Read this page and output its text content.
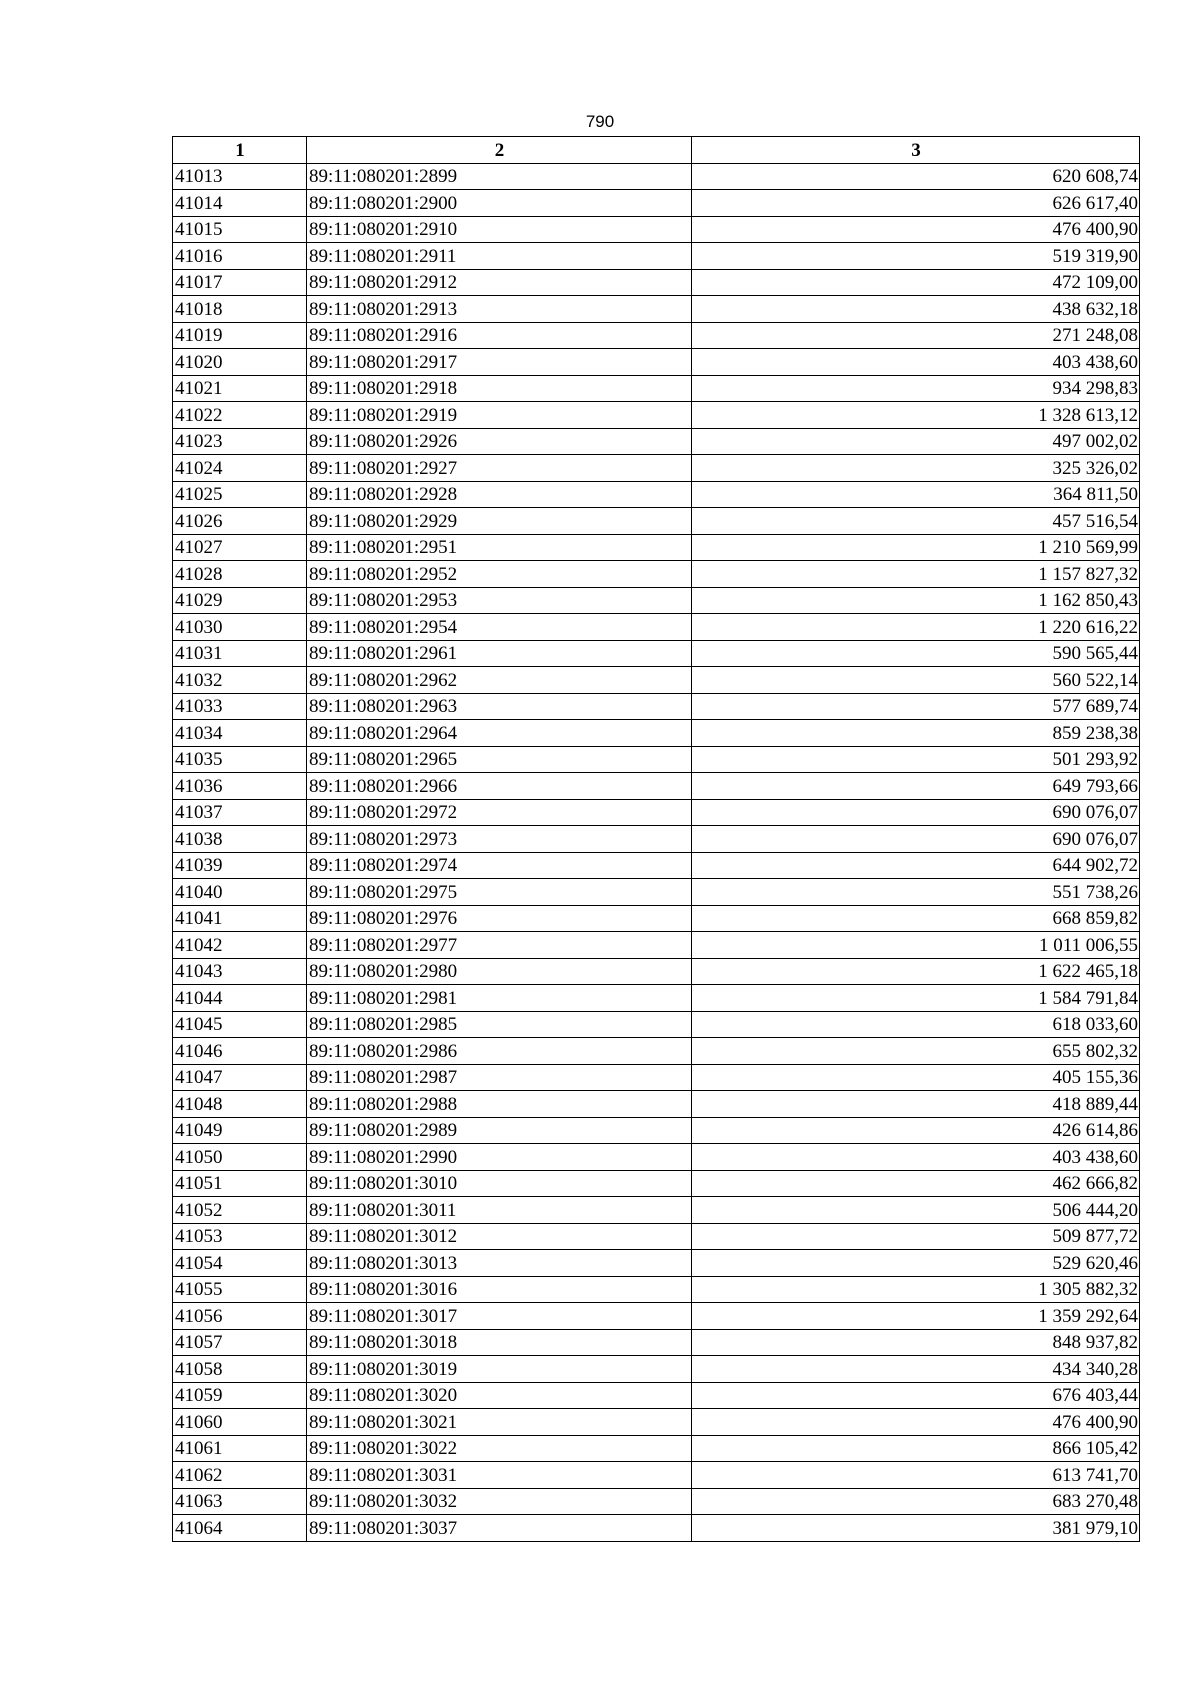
790
1	2	3
41013	89:11:080201:2899	620 608,74
41014	89:11:080201:2900	626 617,40
41015	89:11:080201:2910	476 400,90
41016	89:11:080201:2911	519 319,90
41017	89:11:080201:2912	472 109,00
41018	89:11:080201:2913	438 632,18
41019	89:11:080201:2916	271 248,08
41020	89:11:080201:2917	403 438,60
41021	89:11:080201:2918	934 298,83
41022	89:11:080201:2919	1 328 613,12
41023	89:11:080201:2926	497 002,02
41024	89:11:080201:2927	325 326,02
41025	89:11:080201:2928	364 811,50
41026	89:11:080201:2929	457 516,54
41027	89:11:080201:2951	1 210 569,99
41028	89:11:080201:2952	1 157 827,32
41029	89:11:080201:2953	1 162 850,43
41030	89:11:080201:2954	1 220 616,22
41031	89:11:080201:2961	590 565,44
41032	89:11:080201:2962	560 522,14
41033	89:11:080201:2963	577 689,74
41034	89:11:080201:2964	859 238,38
41035	89:11:080201:2965	501 293,92
41036	89:11:080201:2966	649 793,66
41037	89:11:080201:2972	690 076,07
41038	89:11:080201:2973	690 076,07
41039	89:11:080201:2974	644 902,72
41040	89:11:080201:2975	551 738,26
41041	89:11:080201:2976	668 859,82
41042	89:11:080201:2977	1 011 006,55
41043	89:11:080201:2980	1 622 465,18
41044	89:11:080201:2981	1 584 791,84
41045	89:11:080201:2985	618 033,60
41046	89:11:080201:2986	655 802,32
41047	89:11:080201:2987	405 155,36
41048	89:11:080201:2988	418 889,44
41049	89:11:080201:2989	426 614,86
41050	89:11:080201:2990	403 438,60
41051	89:11:080201:3010	462 666,82
41052	89:11:080201:3011	506 444,20
41053	89:11:080201:3012	509 877,72
41054	89:11:080201:3013	529 620,46
41055	89:11:080201:3016	1 305 882,32
41056	89:11:080201:3017	1 359 292,64
41057	89:11:080201:3018	848 937,82
41058	89:11:080201:3019	434 340,28
41059	89:11:080201:3020	676 403,44
41060	89:11:080201:3021	476 400,90
41061	89:11:080201:3022	866 105,42
41062	89:11:080201:3031	613 741,70
41063	89:11:080201:3032	683 270,48
41064	89:11:080201:3037	381 979,10
